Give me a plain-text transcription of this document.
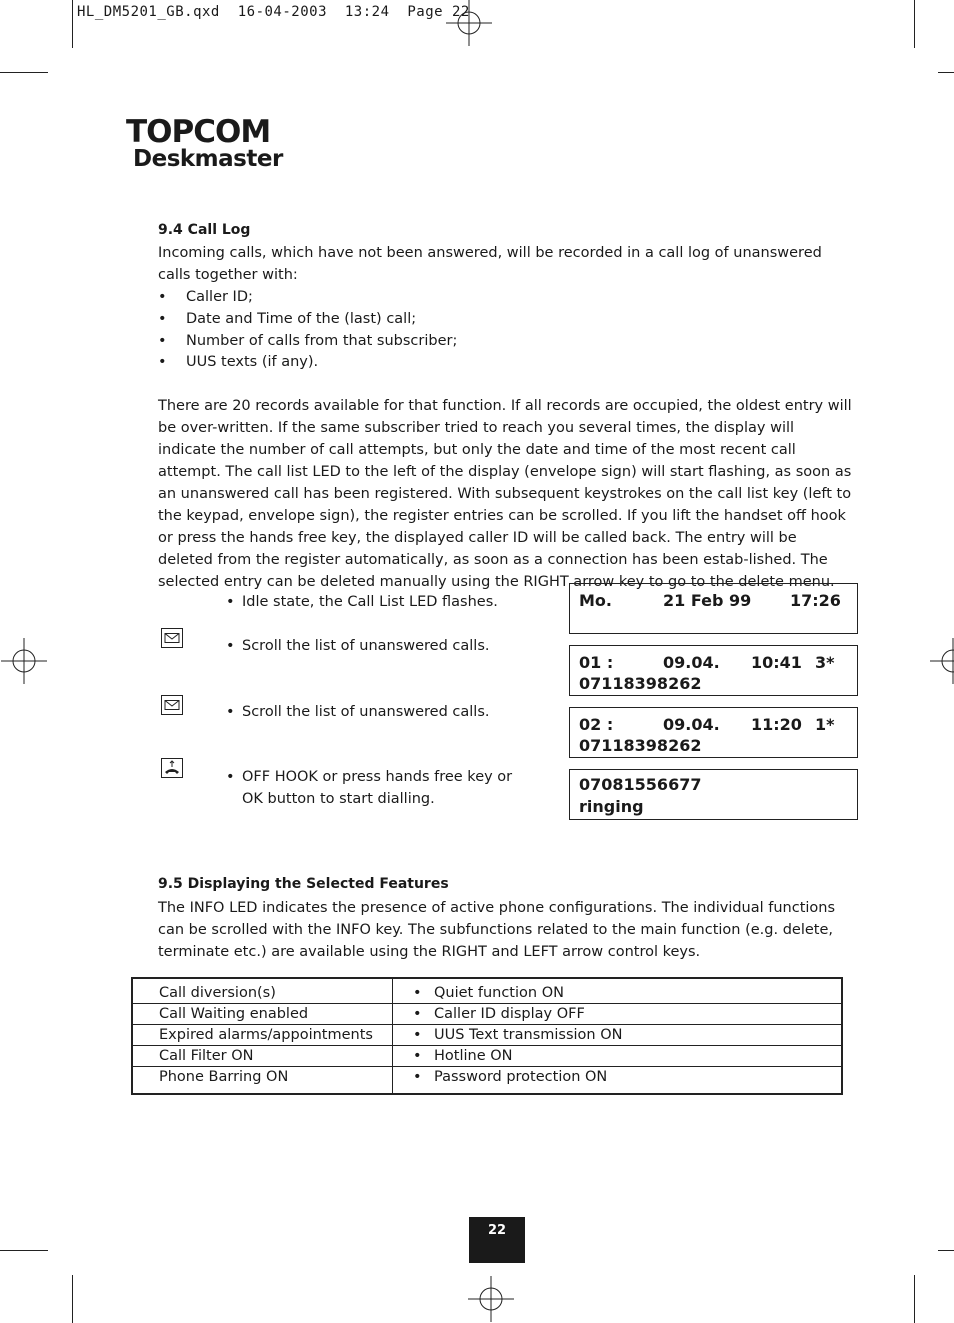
HL_DM5201_GB.qxd  16-04-2003  13:24  Page 22
TOPCOM
Deskmaster
9.4 Call Log
Incoming calls, which have not been answered, will be recorded in a call log of unanswered calls together with:
• Caller ID;
• Date and Time of the (last) call;
• Number of calls from that subscriber;
• UUS texts (if any).
There are 20 records available for that function. If all records are occupied, the oldest entry will be over-written. If the same subscriber tried to reach you several times, the display will indicate the number of call attempts, but only the date and time of the most recent call attempt. The call list LED to the left of the display (envelope sign) will start flashing, as soon as an unanswered call has been registered. With subsequent keystrokes on the call list key (left to the keypad, envelope sign), the register entries can be scrolled. If you lift the handset off hook or press the hands free key, the displayed caller ID will be called back. The entry will be deleted from the register automatically, as soon as a connection has been estab-lished. The selected entry can be deleted manually using the RIGHT arrow key to go to the delete menu.
• Idle state, the Call List LED flashes.
• Scroll the list of unanswered calls.
• Scroll the list of unanswered calls.
• OFF HOOK or press hands free key or
OK button to start dialling.
Mo.	21 Feb 99 17:26
01 :	09.04. 10:41 3*
07118398262
02 :	09.04. 11:20 1*
07118398262
07081556677
ringing
9.5 Displaying the Selected Features
The INFO LED indicates the presence of active phone configurations. The individual functions can be scrolled with the INFO key. The subfunctions related to the main function (e.g. delete, terminate etc.) are available using the RIGHT and LEFT arrow control keys.
Call diversion(s)	• Quiet function ON
Call Waiting enabled	• Caller ID display OFF
Expired alarms/appointments	• UUS Text transmission ON
Call Filter ON	• Hotline ON
Phone Barring ON	• Password protection ON
22
